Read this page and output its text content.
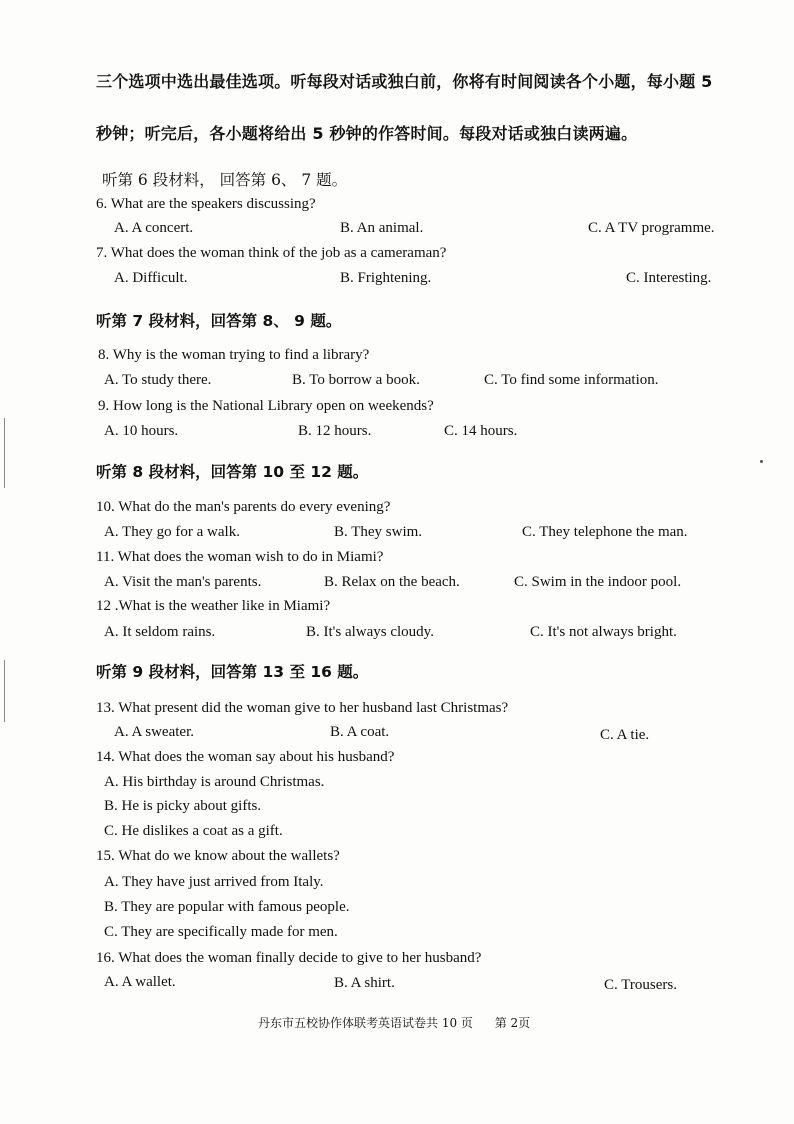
三个选项中选出最佳选项。听每段对话或独白前，你将有时间阅读各个小题，每小题 5
秒钟；听完后，各小题将给出 5 秒钟的作答时间。每段对话或独白读两遍。
听第 6 段材料， 回答第 6、 7 题。
6. What are the speakers discussing?
A. A concert.	B. An animal.	C. A TV programme.
7. What does the woman think of the job as a cameraman?
A. Difficult.	B. Frightening.	C. Interesting.
听第 7 段材料，回答第 8、 9 题。
8. Why is the woman trying to find a library?
A. To study there.	B. To borrow a book.	C. To find some information.
9. How long is the National Library open on weekends?
A. 10 hours.	B. 12 hours.	C. 14 hours.
听第 8 段材料，回答第 10 至 12 题。
10. What do the man's parents do every evening?
A. They go for a walk.	B. They swim.	C. They telephone the man.
11. What does the woman wish to do in Miami?
A. Visit the man's parents.	B. Relax on the beach.	C. Swim in the indoor pool.
12 .What is the weather like in Miami?
A. It seldom rains.	B. It's always cloudy.	C. It's not always bright.
听第 9 段材料，回答第 13 至 16 题。
13. What present did the woman give to her husband last Christmas?
A. A sweater.	B. A coat.	C. A tie.
14. What does the woman say about his husband?
A. His birthday is around Christmas.
B. He is picky about gifts.
C. He dislikes a coat as a gift.
15. What do we know about the wallets?
A. They have just arrived from Italy.
B. They are popular with famous people.
C. They are specifically made for men.
16. What does the woman finally decide to give to her husband?
A. A wallet.	B. A shirt.	C. Trousers.
丹东市五校协作体联考英语试卷共 10 页 第 2页
